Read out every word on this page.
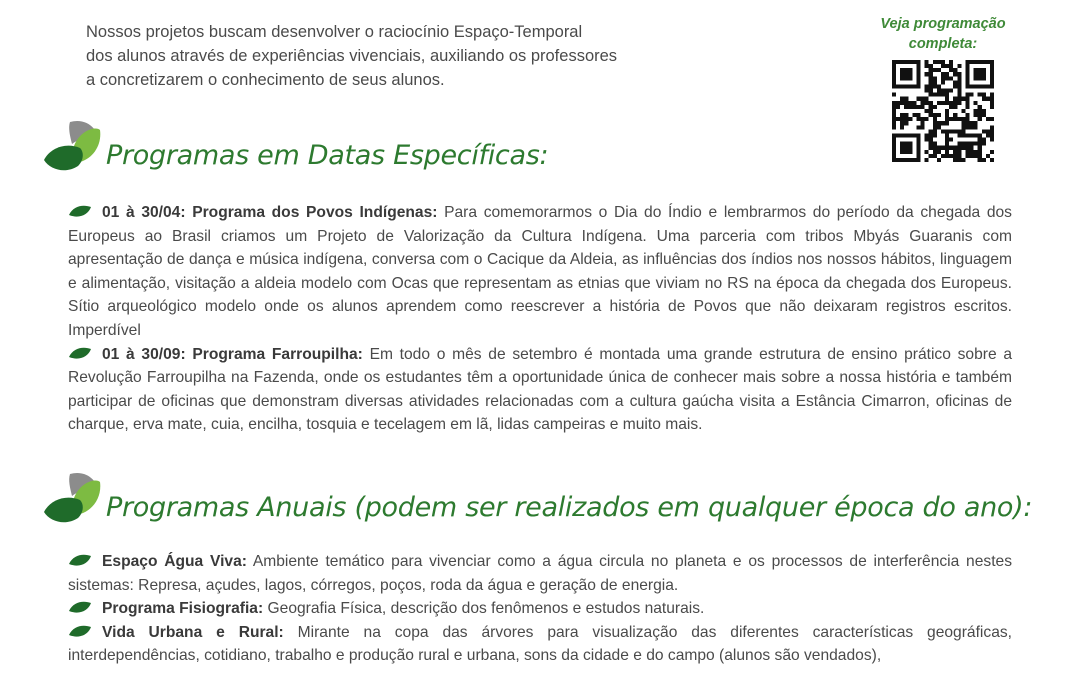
Nossos projetos buscam desenvolver o raciocínio Espaço-Temporal
dos alunos através de experiências vivenciais, auxiliando os professores
a concretizarem o conhecimento de seus alunos.
Veja programação
completa:
Programas em Datas Específicas:
01 à 30/04: Programa dos Povos Indígenas: Para comemorarmos o Dia do Índio e lembrarmos do período da chegada dos Europeus ao Brasil criamos um Projeto de Valorização da Cultura Indígena. Uma parceria com tribos Mbyás Guaranis com apresentação de dança e música indígena, conversa com o Cacique da Aldeia, as influências dos índios nos nossos hábitos, linguagem e alimentação, visitação a aldeia modelo com Ocas que representam as etnias que viviam no RS na época da chegada dos Europeus. Sítio arqueológico modelo onde os alunos aprendem como reescrever a história de Povos que não deixaram registros escritos. Imperdível
01 à 30/09: Programa Farroupilha: Em todo o mês de setembro é montada uma grande estrutura de ensino prático sobre a Revolução Farroupilha na Fazenda, onde os estudantes têm a oportunidade única de conhecer mais sobre a nossa história e também participar de oficinas que demonstram diversas atividades relacionadas com a cultura gaúcha visita a Estância Cimarron, oficinas de charque, erva mate, cuia, encilha, tosquia e tecelagem em lã, lidas campeiras e muito mais.
Programas Anuais (podem ser realizados em qualquer época do ano):
Espaço Água Viva: Ambiente temático para vivenciar como a água circula no planeta e os processos de interferência nestes sistemas: Represa, açudes, lagos, córregos, poços, roda da água e geração de energia.
Programa Fisiografia: Geografia Física, descrição dos fenômenos e estudos naturais.
Vida Urbana e Rural: Mirante na copa das árvores para visualização das diferentes características geográficas, interdependências, cotidiano, trabalho e produção rural e urbana, sons da cidade e do campo (alunos são vendados),
